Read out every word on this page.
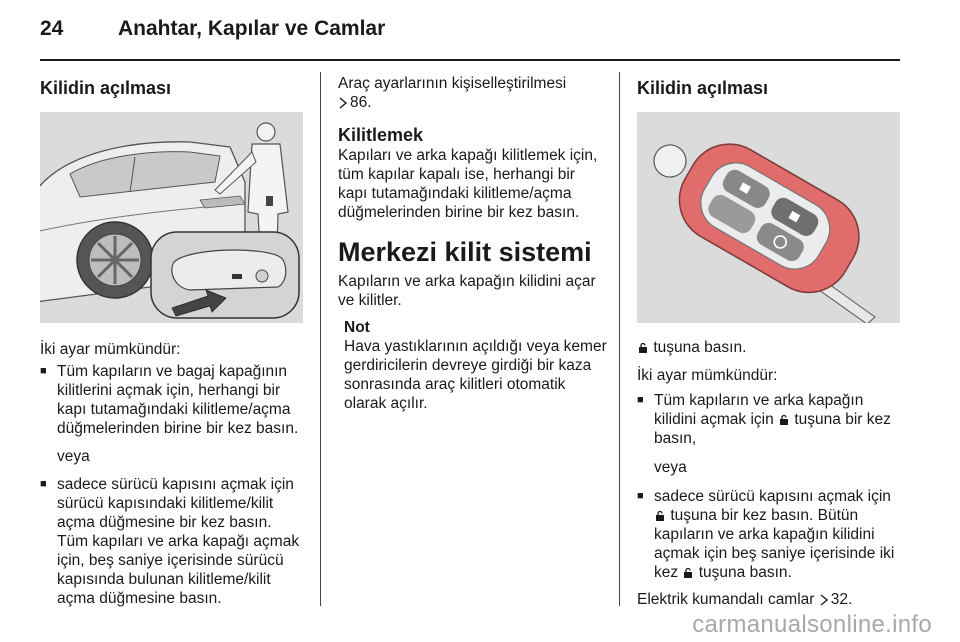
24	Anahtar, Kapılar ve Camlar
Kilidin açılması

İki ayar mümkündür:

■ Tüm kapıların ve bagaj kapağının kilitlerini açmak için, herhangi bir kapı tutamağındaki kilitleme/açma düğmelerinden birine bir kez basın.

veya

■ sadece sürücü kapısını açmak için sürücü kapısındaki kilitleme/kilit açma düğmesine bir kez basın. Tüm kapıları ve arka kapağı açmak için, beş saniye içerisinde sürücü kapısında bulunan kilitleme/kilit açma düğmesine basın.

Araç ayarlarının kişiselleştirilmesi

86.

Kilitlemek

Kapıları ve arka kapağı kilitlemek için, tüm kapılar kapalı ise, herhangi bir kapı tutamağındaki kilitleme/açma düğmelerinden birine bir kez basın.

Merkezi kilit sistemi

Kapıların ve arka kapağın kilidini açar ve kilitler.

Not

Hava yastıklarının açıldığı veya kemer gerdiricilerin devreye girdiği bir kaza sonrasında araç kilitleri otomatik olarak açılır.

Kilidin açılması

tuşuna basın.

İki ayar mümkündür:

■ Tüm kapıların ve arka kapağın kilidini açmak için tuşuna bir kez basın,

veya

■ sadece sürücü kapısını açmak için  tuşuna bir kez basın. Bütün kapıların ve arka kapağın kilidini açmak için beş saniye içerisinde iki kez tuşuna basın.

Elektrik kumandalı camlar 32.

carmanualsonline.info
